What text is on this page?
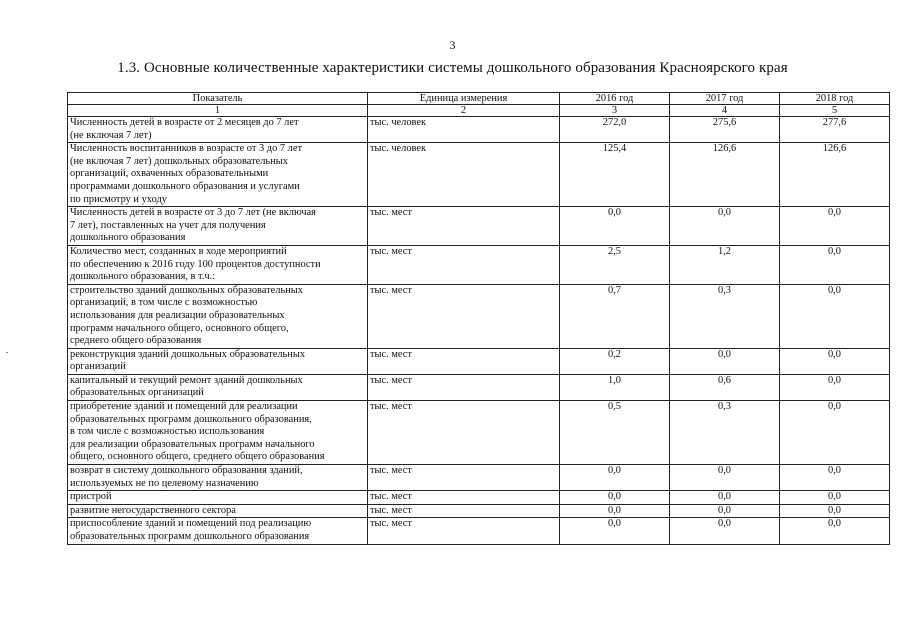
3
1.3. Основные количественные характеристики системы дошкольного образования Красноярского края
Показатель	Единица измерения	2016 год	2017 год	2018 год
1	2	3	4	5
Численность детей в возрасте от 2 месяцев до 7 лет
(не включая 7 лет)	тыс. человек	272,0	275,6	277,6
Численность воспитанников в возрасте от 3 до 7 лет
(не включая 7 лет) дошкольных образовательных
организаций, охваченных образовательными
программами дошкольного образования и услугами
по присмотру и уходу	тыс. человек	125,4	126,6	126,6
Численность детей в возрасте от 3 до 7 лет (не включая
7 лет), поставленных на учет для получения
дошкольного образования	тыс. мест	0,0	0,0	0,0
Количество мест, созданных в ходе мероприятий
по обеспечению к 2016 году 100 процентов доступности
дошкольного образования, в т.ч.:	тыс. мест	2,5	1,2	0,0
строительство зданий дошкольных образовательных
организаций, в том числе с возможностью
использования для реализации образовательных
программ начального общего, основного общего,
среднего общего образования	тыс. мест	0,7	0,3	0,0
реконструкция зданий дошкольных образовательных
организаций	тыс. мест	0,2	0,0	0,0
капитальный и текущий ремонт зданий дошкольных
образовательных организаций	тыс. мест	1,0	0,6	0,0
приобретение зданий и помещений для реализации
образовательных программ дошкольного образования,
в том числе с возможностью использования
для реализации образовательных программ начального
общего, основного общего, среднего общего образования	тыс. мест	0,5	0,3	0,0
возврат в систему дошкольного образования зданий,
используемых не по целевому назначению	тыс. мест	0,0	0,0	0,0
пристрой	тыс. мест	0,0	0,0	0,0
развитие негосударственного сектора	тыс. мест	0,0	0,0	0,0
приспособление зданий и помещений под реализацию
образовательных программ дошкольного образования	тыс. мест	0,0	0,0	0,0
